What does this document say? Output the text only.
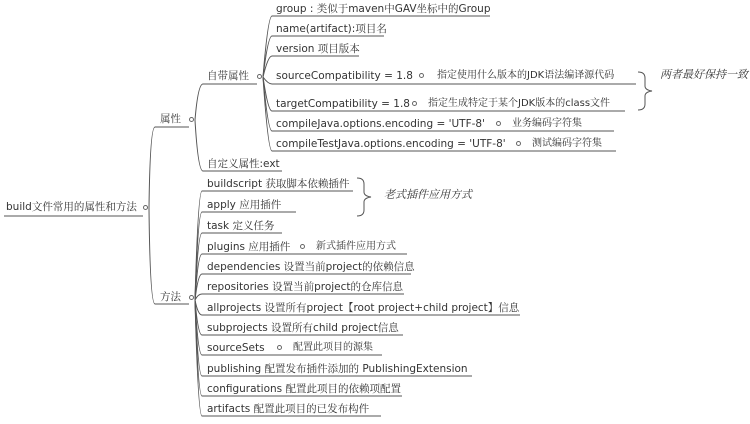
build文件常用的属性和方法
属性
方法
自带属性
自定义属性:ext
group : 类似于maven中GAV坐标中的Group
name(artifact):项目名
version 项目版本
sourceCompatibility = 1.8 指定使用什么版本的JDK语法编译源代码
targetCompatibility = 1.8 指定生成特定于某个JDK版本的class文件
compileJava.options.encoding = 'UTF-8'	业务编码字符集
compileTestJava.options.encoding = 'UTF-8'	测试编码字符集
两者最好保持一致
buildscript 获取脚本依赖插件
apply 应用插件
老式插件应用方式
task 定义任务
plugins 应用插件	新式插件应用方式
dependencies 设置当前project的依赖信息
repositories 设置当前project的仓库信息
allprojects 设置所有project【root project+child project】信息
subprojects 设置所有child project信息
sourceSets	配置此项目的源集
publishing 配置发布插件添加的 PublishingExtension
configurations 配置此项目的依赖项配置
artifacts 配置此项目的已发布构件
